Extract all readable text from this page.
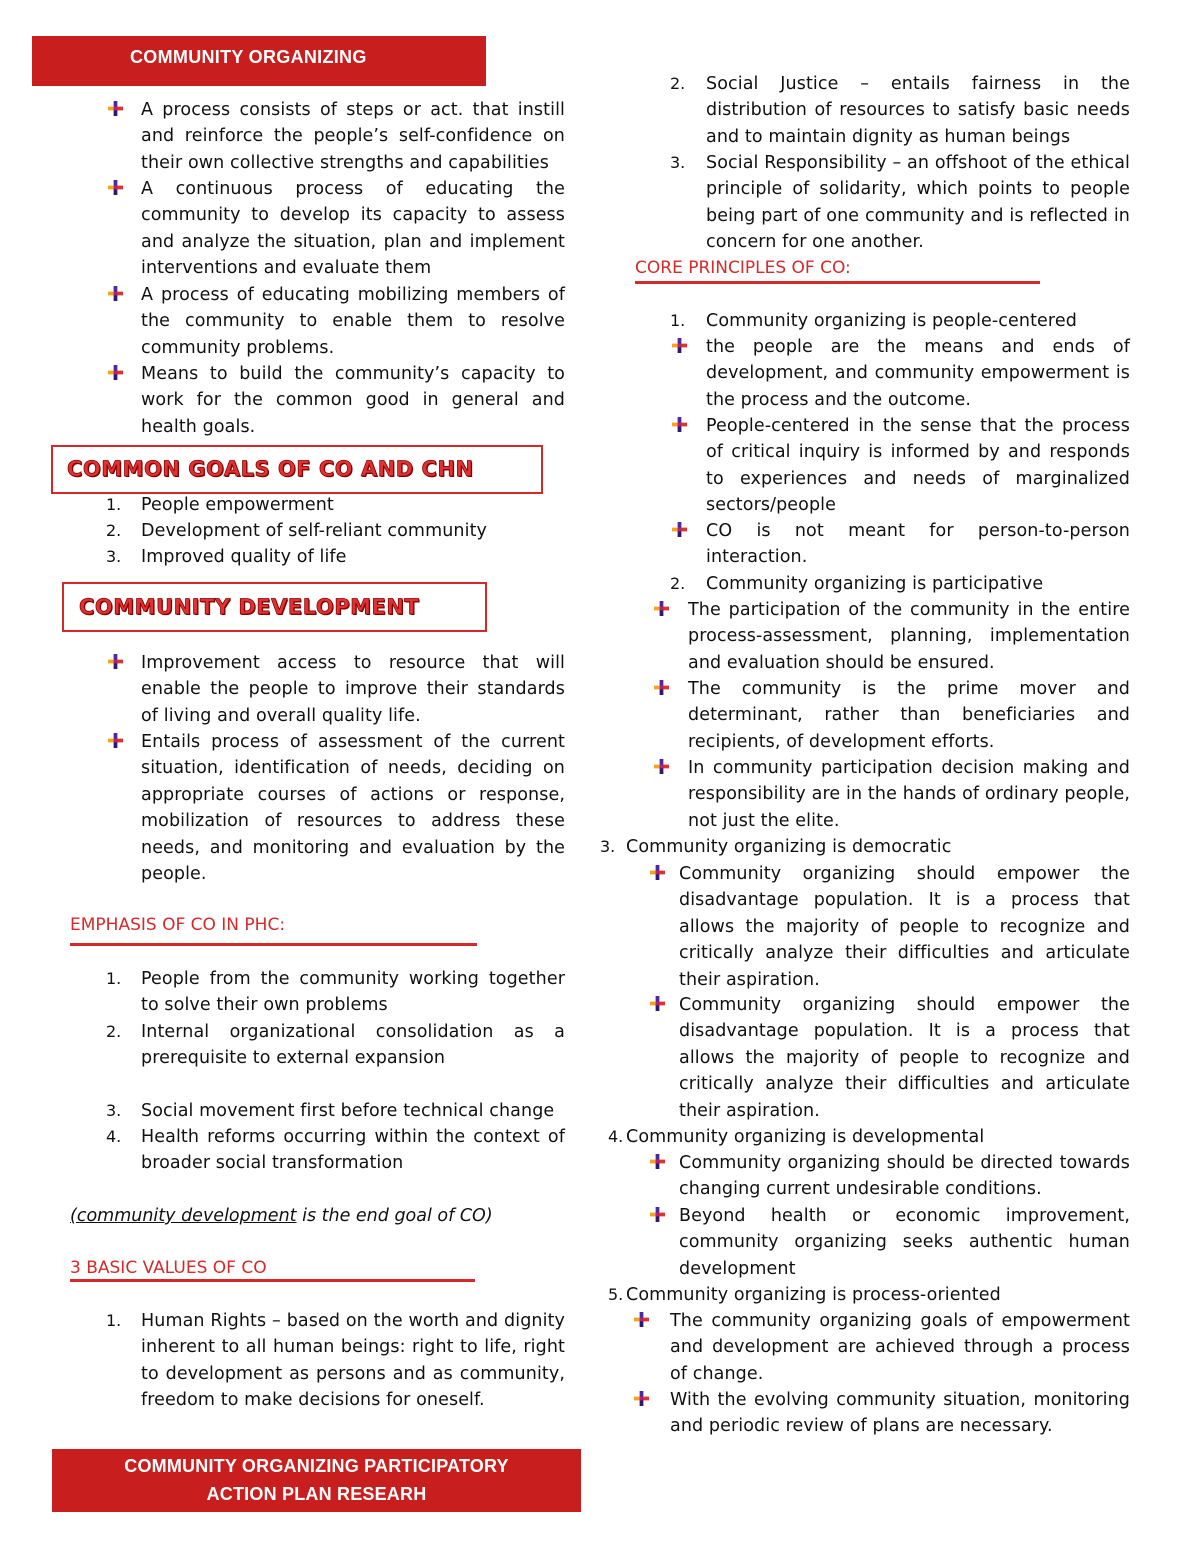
COMMUNITY ORGANIZING
A process consists of steps or act. that instill and reinforce the people’s self-confidence on their own collective strengths and capabilities
A continuous process of educating the community to develop its capacity to assess and analyze the situation, plan and implement interventions and evaluate them
A process of educating mobilizing members of the community to enable them to resolve community problems.
Means to build the community’s capacity to work for the common good in general and health goals.
COMMON GOALS OF CO AND CHN
1. People empowerment
2. Development of self-reliant community
3. Improved quality of life
COMMUNITY DEVELOPMENT
Improvement access to resource that will enable the people to improve their standards of living and overall quality life.
Entails process of assessment of the current situation, identification of needs, deciding on appropriate courses of actions or response, mobilization of resources to address these needs, and monitoring and evaluation by the people.
EMPHASIS OF CO IN PHC:
1. People from the community working together to solve their own problems
2. Internal organizational consolidation as a prerequisite to external expansion
3. Social movement first before technical change
4. Health reforms occurring within the context of broader social transformation
(community development is the end goal of CO)
3 BASIC VALUES OF CO
1. Human Rights – based on the worth and dignity inherent to all human beings: right to life, right to development as persons and as community, freedom to make decisions for oneself.
COMMUNITY ORGANIZING PARTICIPATORY
ACTION PLAN RESEARH
2. Social Justice – entails fairness in the distribution of resources to satisfy basic needs and to maintain dignity as human beings
3. Social Responsibility – an offshoot of the ethical principle of solidarity, which points to people being part of one community and is reflected in concern for one another.
CORE PRINCIPLES OF CO:
1. Community organizing is people-centered
the people are the means and ends of development, and community empowerment is the process and the outcome.
People-centered in the sense that the process of critical inquiry is informed by and responds to experiences and needs of marginalized sectors/people
CO is not meant for person-to-person interaction.
2. Community organizing is participative
The participation of the community in the entire process-assessment, planning, implementation and evaluation should be ensured.
The community is the prime mover and determinant, rather than beneficiaries and recipients, of development efforts.
In community participation decision making and responsibility are in the hands of ordinary people, not just the elite.
3. Community organizing is democratic
Community organizing should empower the disadvantage population. It is a process that allows the majority of people to recognize and critically analyze their difficulties and articulate their aspiration.
Community organizing should empower the disadvantage population. It is a process that allows the majority of people to recognize and critically analyze their difficulties and articulate their aspiration.
4. Community organizing is developmental
Community organizing should be directed towards changing current undesirable conditions.
Beyond health or economic improvement, community organizing seeks authentic human development
5. Community organizing is process-oriented
The community organizing goals of empowerment and development are achieved through a process of change.
With the evolving community situation, monitoring and periodic review of plans are necessary.
